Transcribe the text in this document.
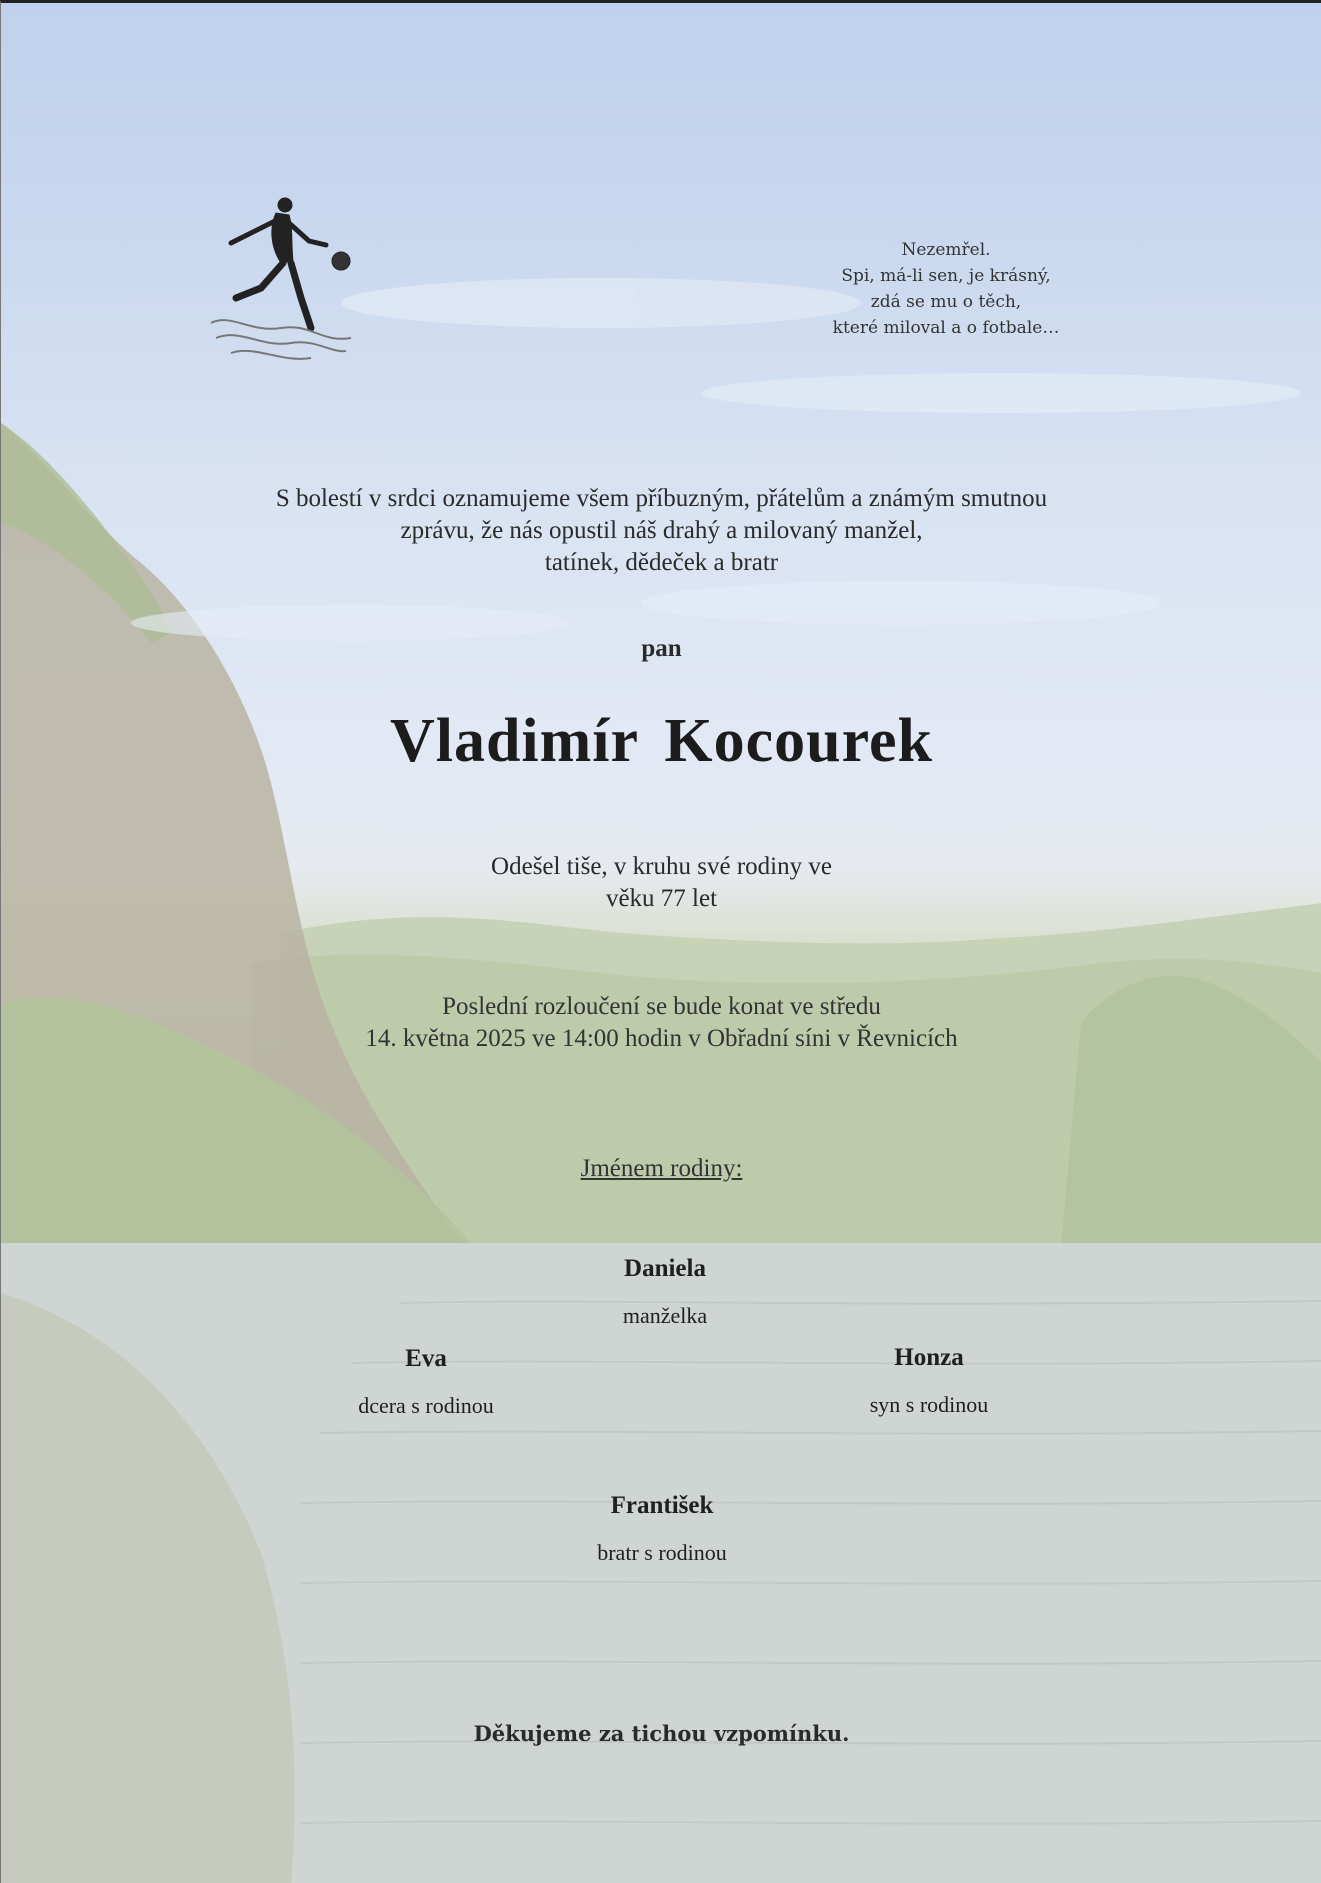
Nezemřel.
Spi, má-li sen, je krásný,
zdá se mu o těch,
které miloval a o fotbale…
S bolestí v srdci oznamujeme všem příbuzným, přátelům a známým smutnou
zprávu, že nás opustil náš drahý a milovaný manžel,
tatínek, dědeček a bratr
pan
Vladimír Kocourek
Odešel tiše, v kruhu své rodiny ve
věku 77 let
Poslední rozloučení se bude konat ve středu
14. května 2025 ve 14:00 hodin v Obřadní síni v Řevnicích
Jménem rodiny:
Daniela
manželka
Eva
dcera s rodinou
Honza
syn s rodinou
František
bratr s rodinou
Děkujeme za tichou vzpomínku.
